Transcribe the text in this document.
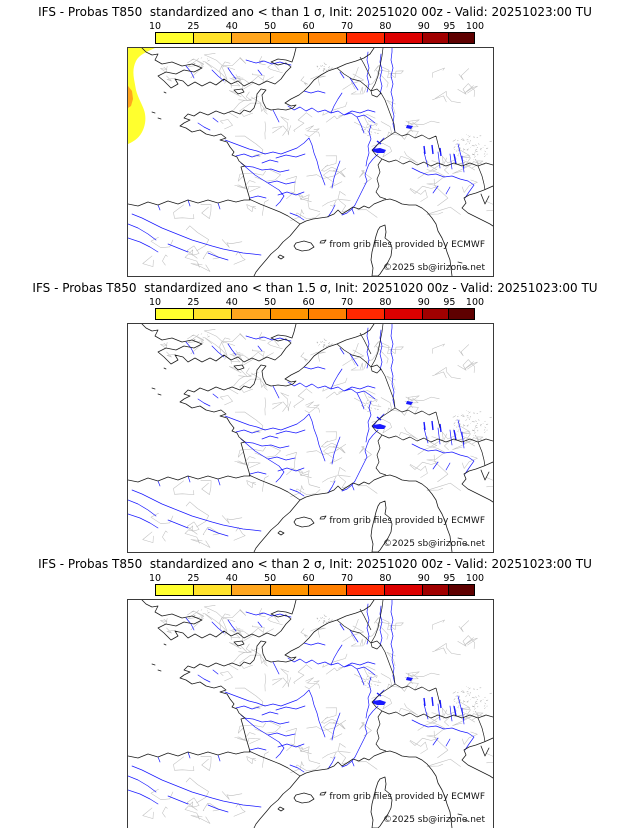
IFS - Probas T850  standardized ano < than 1 σ, Init: 20251020 00z - Valid: 20251023:00 TU
10	25	40	50	60	70	80	90 95 100
IFS - Probas T850  standardized ano < than 1.5 σ, Init: 20251020 00z - Valid: 20251023:00 TU
10	25	40	50	60	70	80	90 95 100
IFS - Probas T850  standardized ano < than 2 σ, Init: 20251020 00z - Valid: 20251023:00 TU
10	25	40	50	60	70	80	90 95 100
